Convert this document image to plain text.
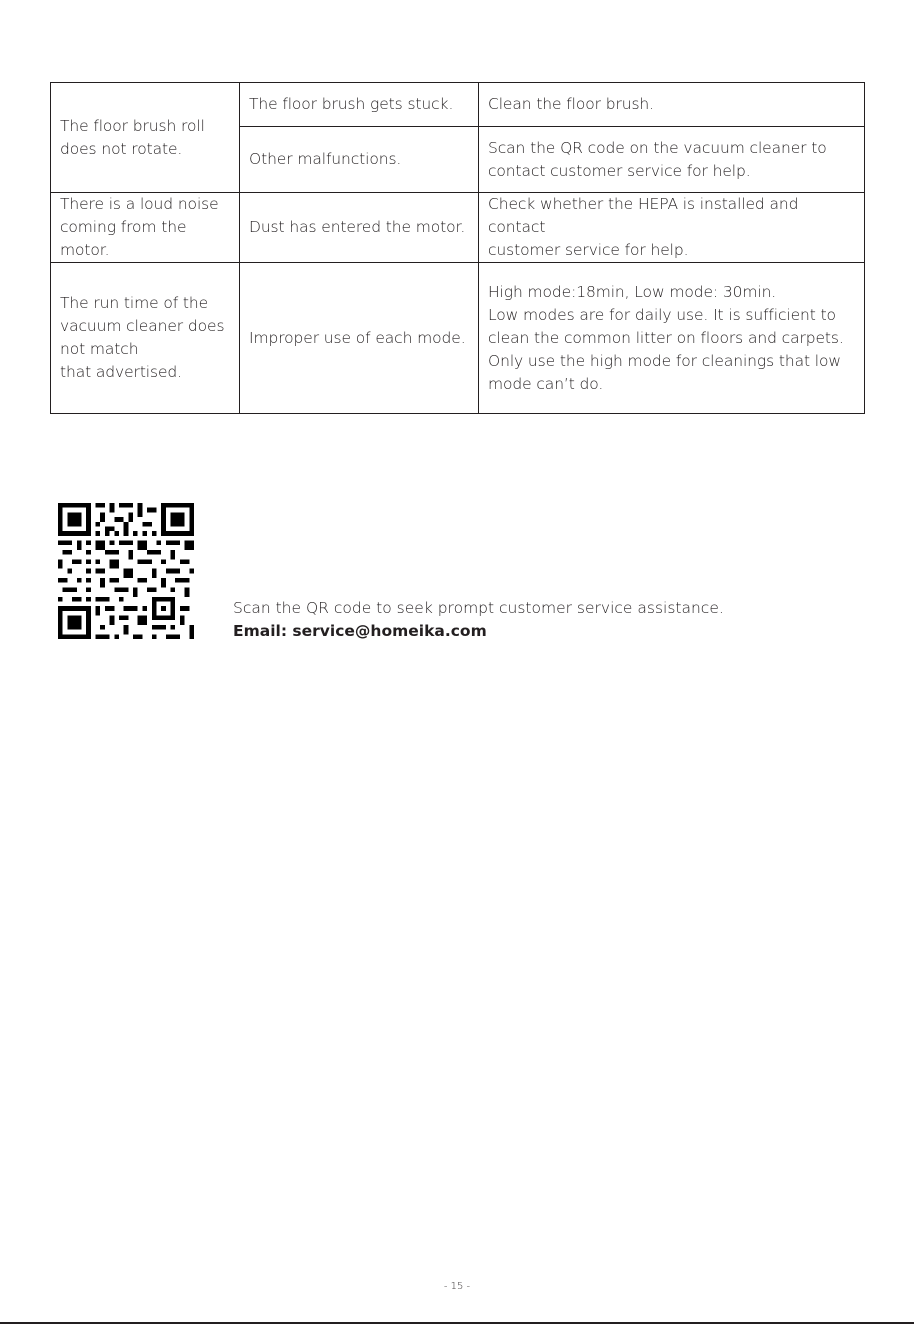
The floor brush roll
does not rotate.	The floor brush gets stuck.	Clean the floor brush.

	Other malfunctions.	Scan the QR code on the vacuum cleaner to
contact customer service for help.

There is a loud noise
coming from the motor.	Dust has entered the motor.	Check whether the HEPA is installed and contact
customer service for help.

The run time of the
vacuum cleaner does
not match
that advertised.	Improper use of each mode.	High mode:18min, Low mode: 30min.
Low modes are for daily use. It is sufficient to
clean the common litter on floors and carpets.
Only use the high mode for cleanings that low
mode can’t do.
Scan the QR code to seek prompt customer service assistance.
Email: service@homeika.com
- 15 -
